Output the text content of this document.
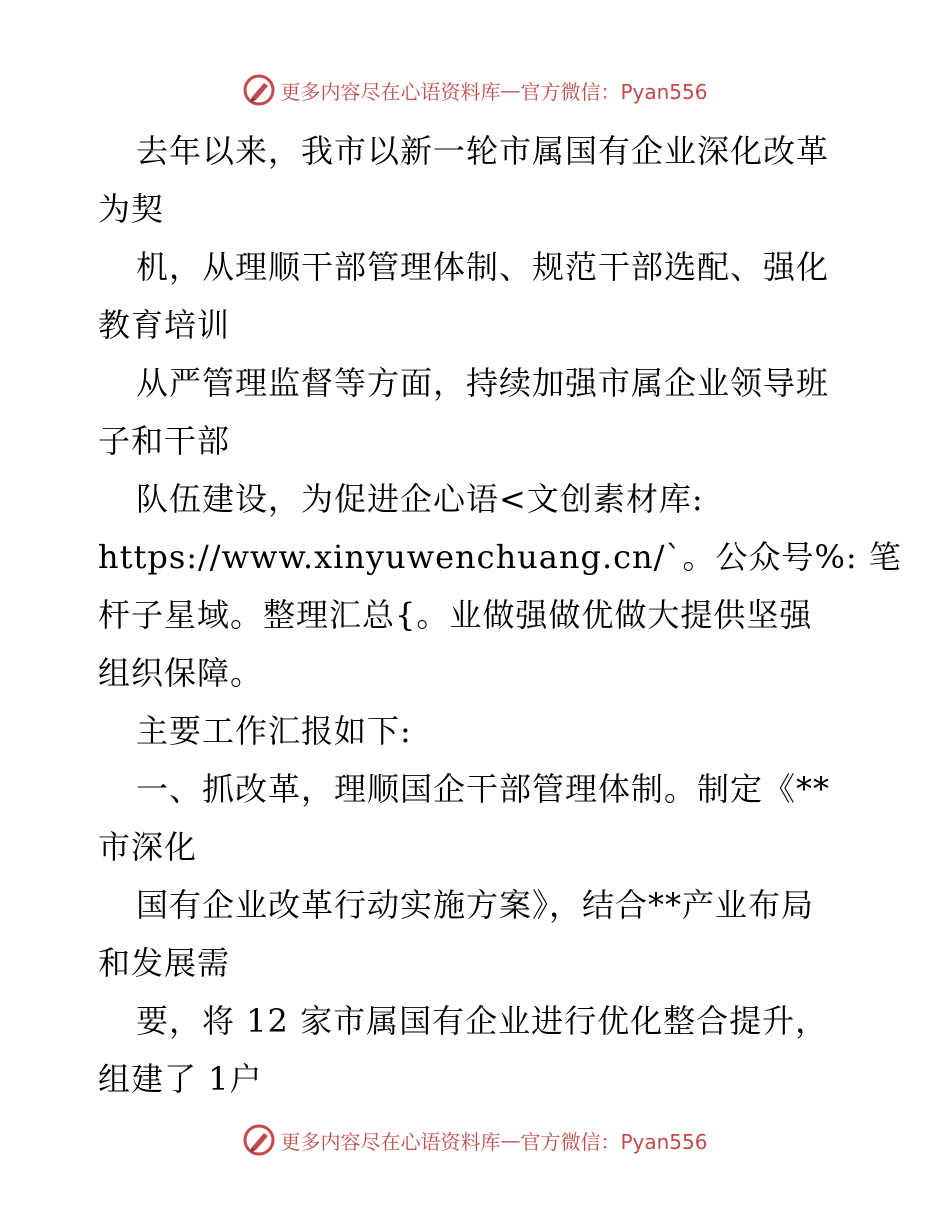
更多内容尽在心语资料库 — 官方微信：Pyan556
去年以来，我市以新一轮市属国有企业深化改革
为契
机，从理顺干部管理体制、规范干部选配、强化
教育培训
从严管理监督等方面，持续加强市属企业领导班
子和干部
队伍建设，为促进企心语<文创素材库:
https://www.xinyuwenchuang.cn/`。公众号%: 笔
杆子星域。整理汇总{。业做强做优做大提供坚强
组织保障。
主要工作汇报如下:
一、抓改革，理顺国企干部管理体制。制定《**
市深化
国有企业改革行动实施方案》，结合**产业布局
和发展需
要，将 12 家市属国有企业进行优化整合提升，
组建了 1户
更多内容尽在心语资料库 — 官方微信：Pyan556
